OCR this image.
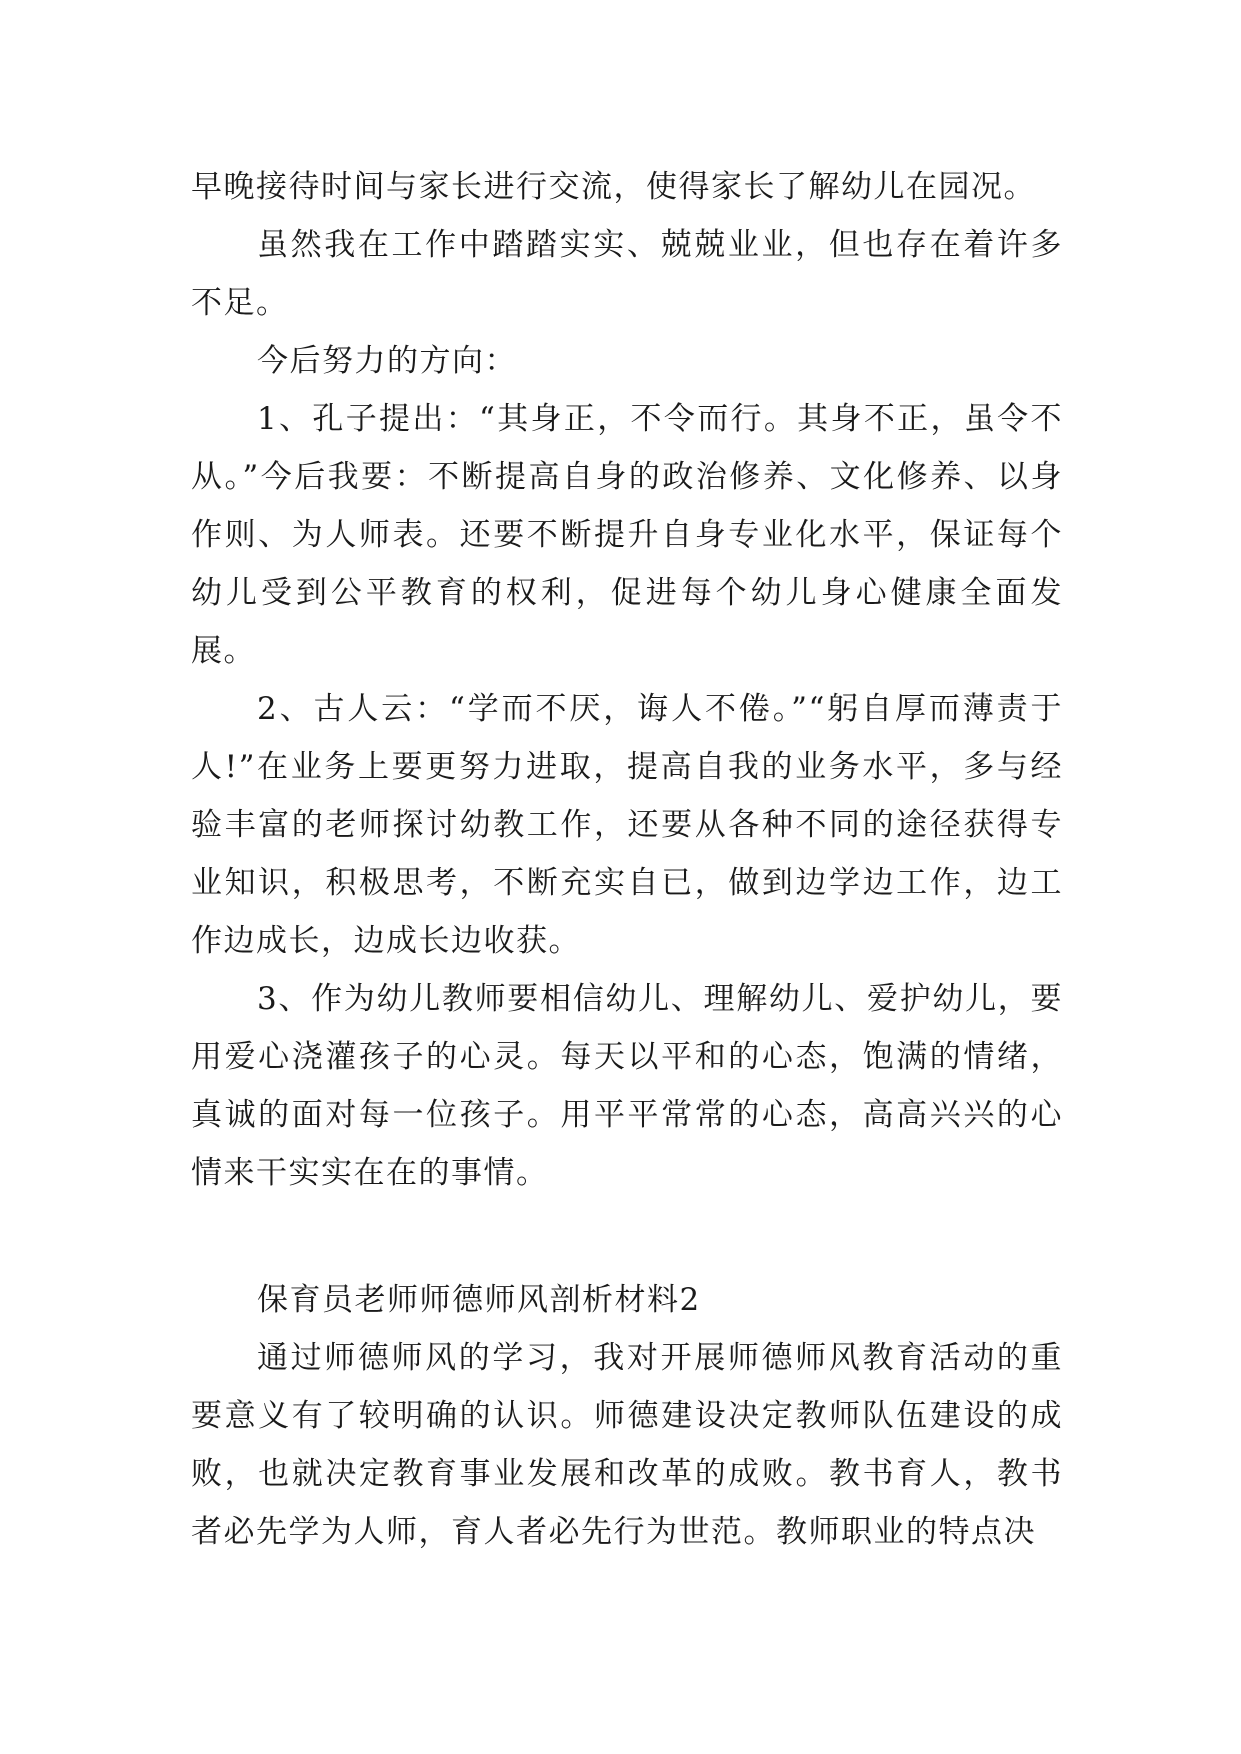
早晚接待时间与家长进行交流，使得家长了解幼儿在园况。

虽然我在工作中踏踏实实、兢兢业业，但也存在着许多不足。

今后努力的方向：

1、孔子提出：“其身正，不令而行。其身不正，虽令不从。”今后我要：不断提高自身的政治修养、文化修养、以身作则、为人师表。还要不断提升自身专业化水平，保证每个幼儿受到公平教育的权利，促进每个幼儿身心健康全面发展。

2、古人云：“学而不厌，诲人不倦。”“躬自厚而薄责于人!”在业务上要更努力进取，提高自我的业务水平，多与经验丰富的老师探讨幼教工作，还要从各种不同的途径获得专业知识，积极思考，不断充实自已，做到边学边工作，边工作边成长，边成长边收获。

3、作为幼儿教师要相信幼儿、理解幼儿、爱护幼儿，要用爱心浇灌孩子的心灵。每天以平和的心态，饱满的情绪，真诚的面对每一位孩子。用平平常常的心态，高高兴兴的心情来干实实在在的事情。

保育员老师师德师风剖析材料2

通过师德师风的学习，我对开展师德师风教育活动的重要意义有了较明确的认识。师德建设决定教师队伍建设的成败，也就决定教育事业发展和改革的成败。教书育人，教书者必先学为人师，育人者必先行为世范。教师职业的特点决
